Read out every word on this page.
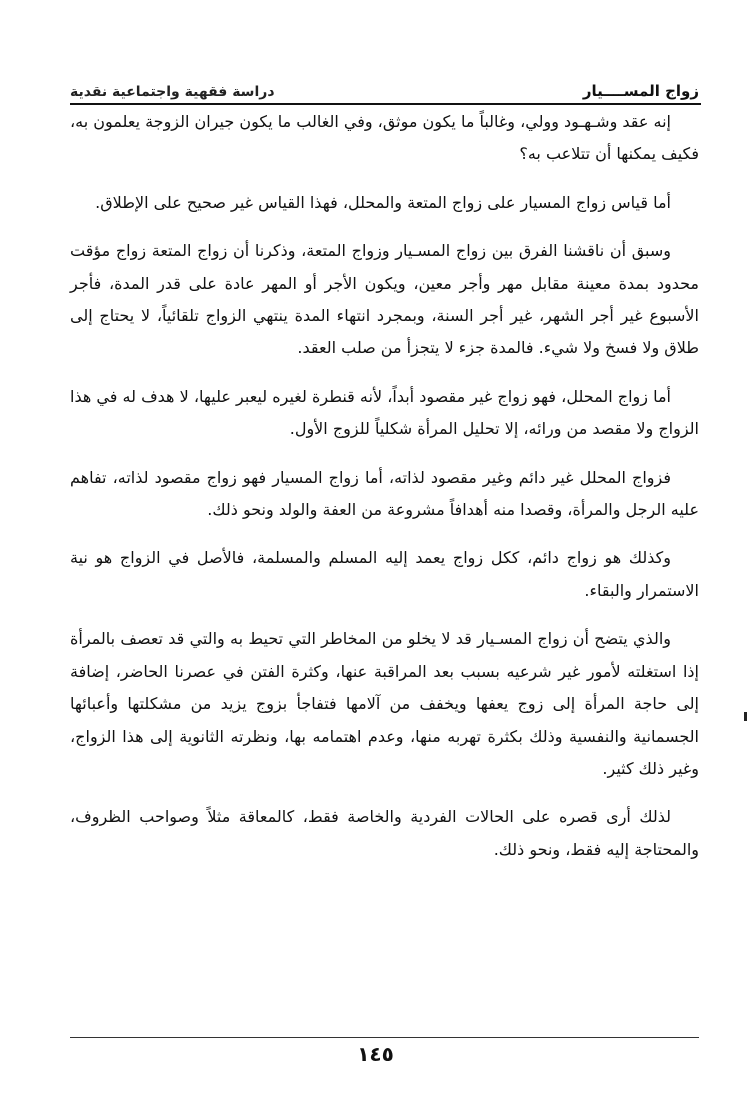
زواج المســــيار
دراسة فقهية واجتماعية نقدية

إنه عقد وشـهـود وولي، وغالباً ما يكون موثق، وفي الغالب ما يكون جيران الزوجة يعلمون به، فكيف يمكنها أن تتلاعب به؟

أما قياس زواج المسيار على زواج المتعة والمحلل، فهذا القياس غير صحيح على الإطلاق.

وسبق أن ناقشنا الفرق بين زواج المسـيار وزواج المتعة، وذكرنا أن زواج المتعة زواج مؤقت محدود بمدة معينة مقابل مهر وأجر معين، ويكون الأجر أو المهر عادة على قدر المدة، فأجر الأسبوع غير أجر الشهر، غير أجر السنة، وبمجرد انتهاء المدة ينتهي الزواج تلقائياً، لا يحتاج إلى طلاق ولا فسخ ولا شيء. فالمدة جزء لا يتجزأ من صلب العقد.

أما زواج المحلل، فهو زواج غير مقصود أبداً، لأنه قنطرة لغيره ليعبر عليها، لا هدف له في هذا الزواج ولا مقصد من ورائه، إلا تحليل المرأة شكلياً للزوج الأول.

فزواج المحلل غير دائم وغير مقصود لذاته، أما زواج المسيار فهو زواج مقصود لذاته، تفاهم عليه الرجل والمرأة، وقصدا منه أهدافاً مشروعة من العفة والولد ونحو ذلك.

وكذلك هو زواج دائم، ككل زواج يعمد إليه المسلم والمسلمة، فالأصل في الزواج هو نية الاستمرار والبقاء.

والذي يتضح أن زواج المسـيار قد لا يخلو من المخاطر التي تحيط به والتي قد تعصف بالمرأة إذا استغلته لأمور غير شرعيه بسبب بعد المراقبة عنها، وكثرة الفتن في عصرنا الحاضر، إضافة إلى حاجة المرأة إلى زوج يعفها ويخفف من آلامها فتفاجأ بزوج يزيد من مشكلتها وأعبائها الجسمانية والنفسية وذلك بكثرة تهربه منها، وعدم اهتمامه بها، ونظرته الثانوية إلى هذا الزواج، وغير ذلك كثير.

لذلك أرى قصره على الحالات الفردية والخاصة فقط، كالمعاقة مثلاً وصواحب الظروف، والمحتاجة إليه فقط، ونحو ذلك.

١٤٥
